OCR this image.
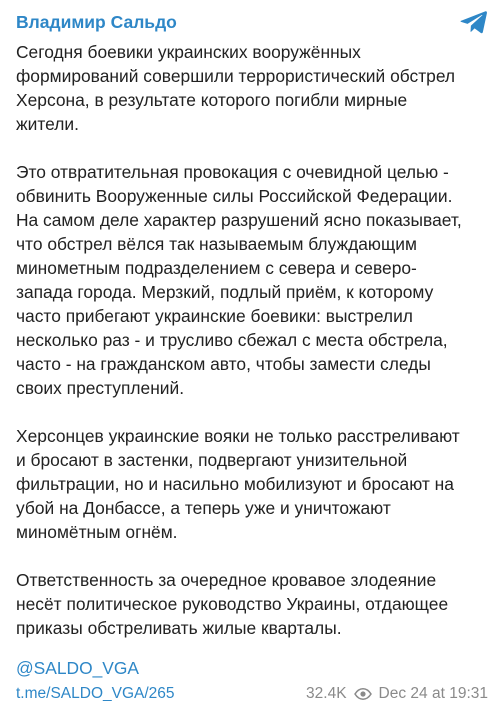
Владимир Сальдо

Сегодня боевики украинских вооружённых
формирований совершили террористический обстрел
Херсона, в результате которого погибли мирные
жители.

Это отвратительная провокация с очевидной целью -
обвинить Вооруженные силы Российской Федерации.
На самом деле характер разрушений ясно показывает,
что обстрел вёлся так называемым блуждающим
минометным подразделением с севера и северо-
запада города. Мерзкий, подлый приём, к которому
часто прибегают украинские боевики: выстрелил
несколько раз - и трусливо сбежал с места обстрела,
часто - на гражданском авто, чтобы замести следы
своих преступлений.

Херсонцев украинские вояки не только расстреливают
и бросают в застенки, подвергают унизительной
фильтрации, но и насильно мобилизуют и бросают на
убой на Донбассе, а теперь уже и уничтожают
миномётным огнём.

Ответственность за очередное кровавое злодеяние
несёт политическое руководство Украины, отдающее
приказы обстреливать жилые кварталы.

@SALDO_VGA
t.me/SALDO_VGA/265	32.4K Dec 24 at 19:31
